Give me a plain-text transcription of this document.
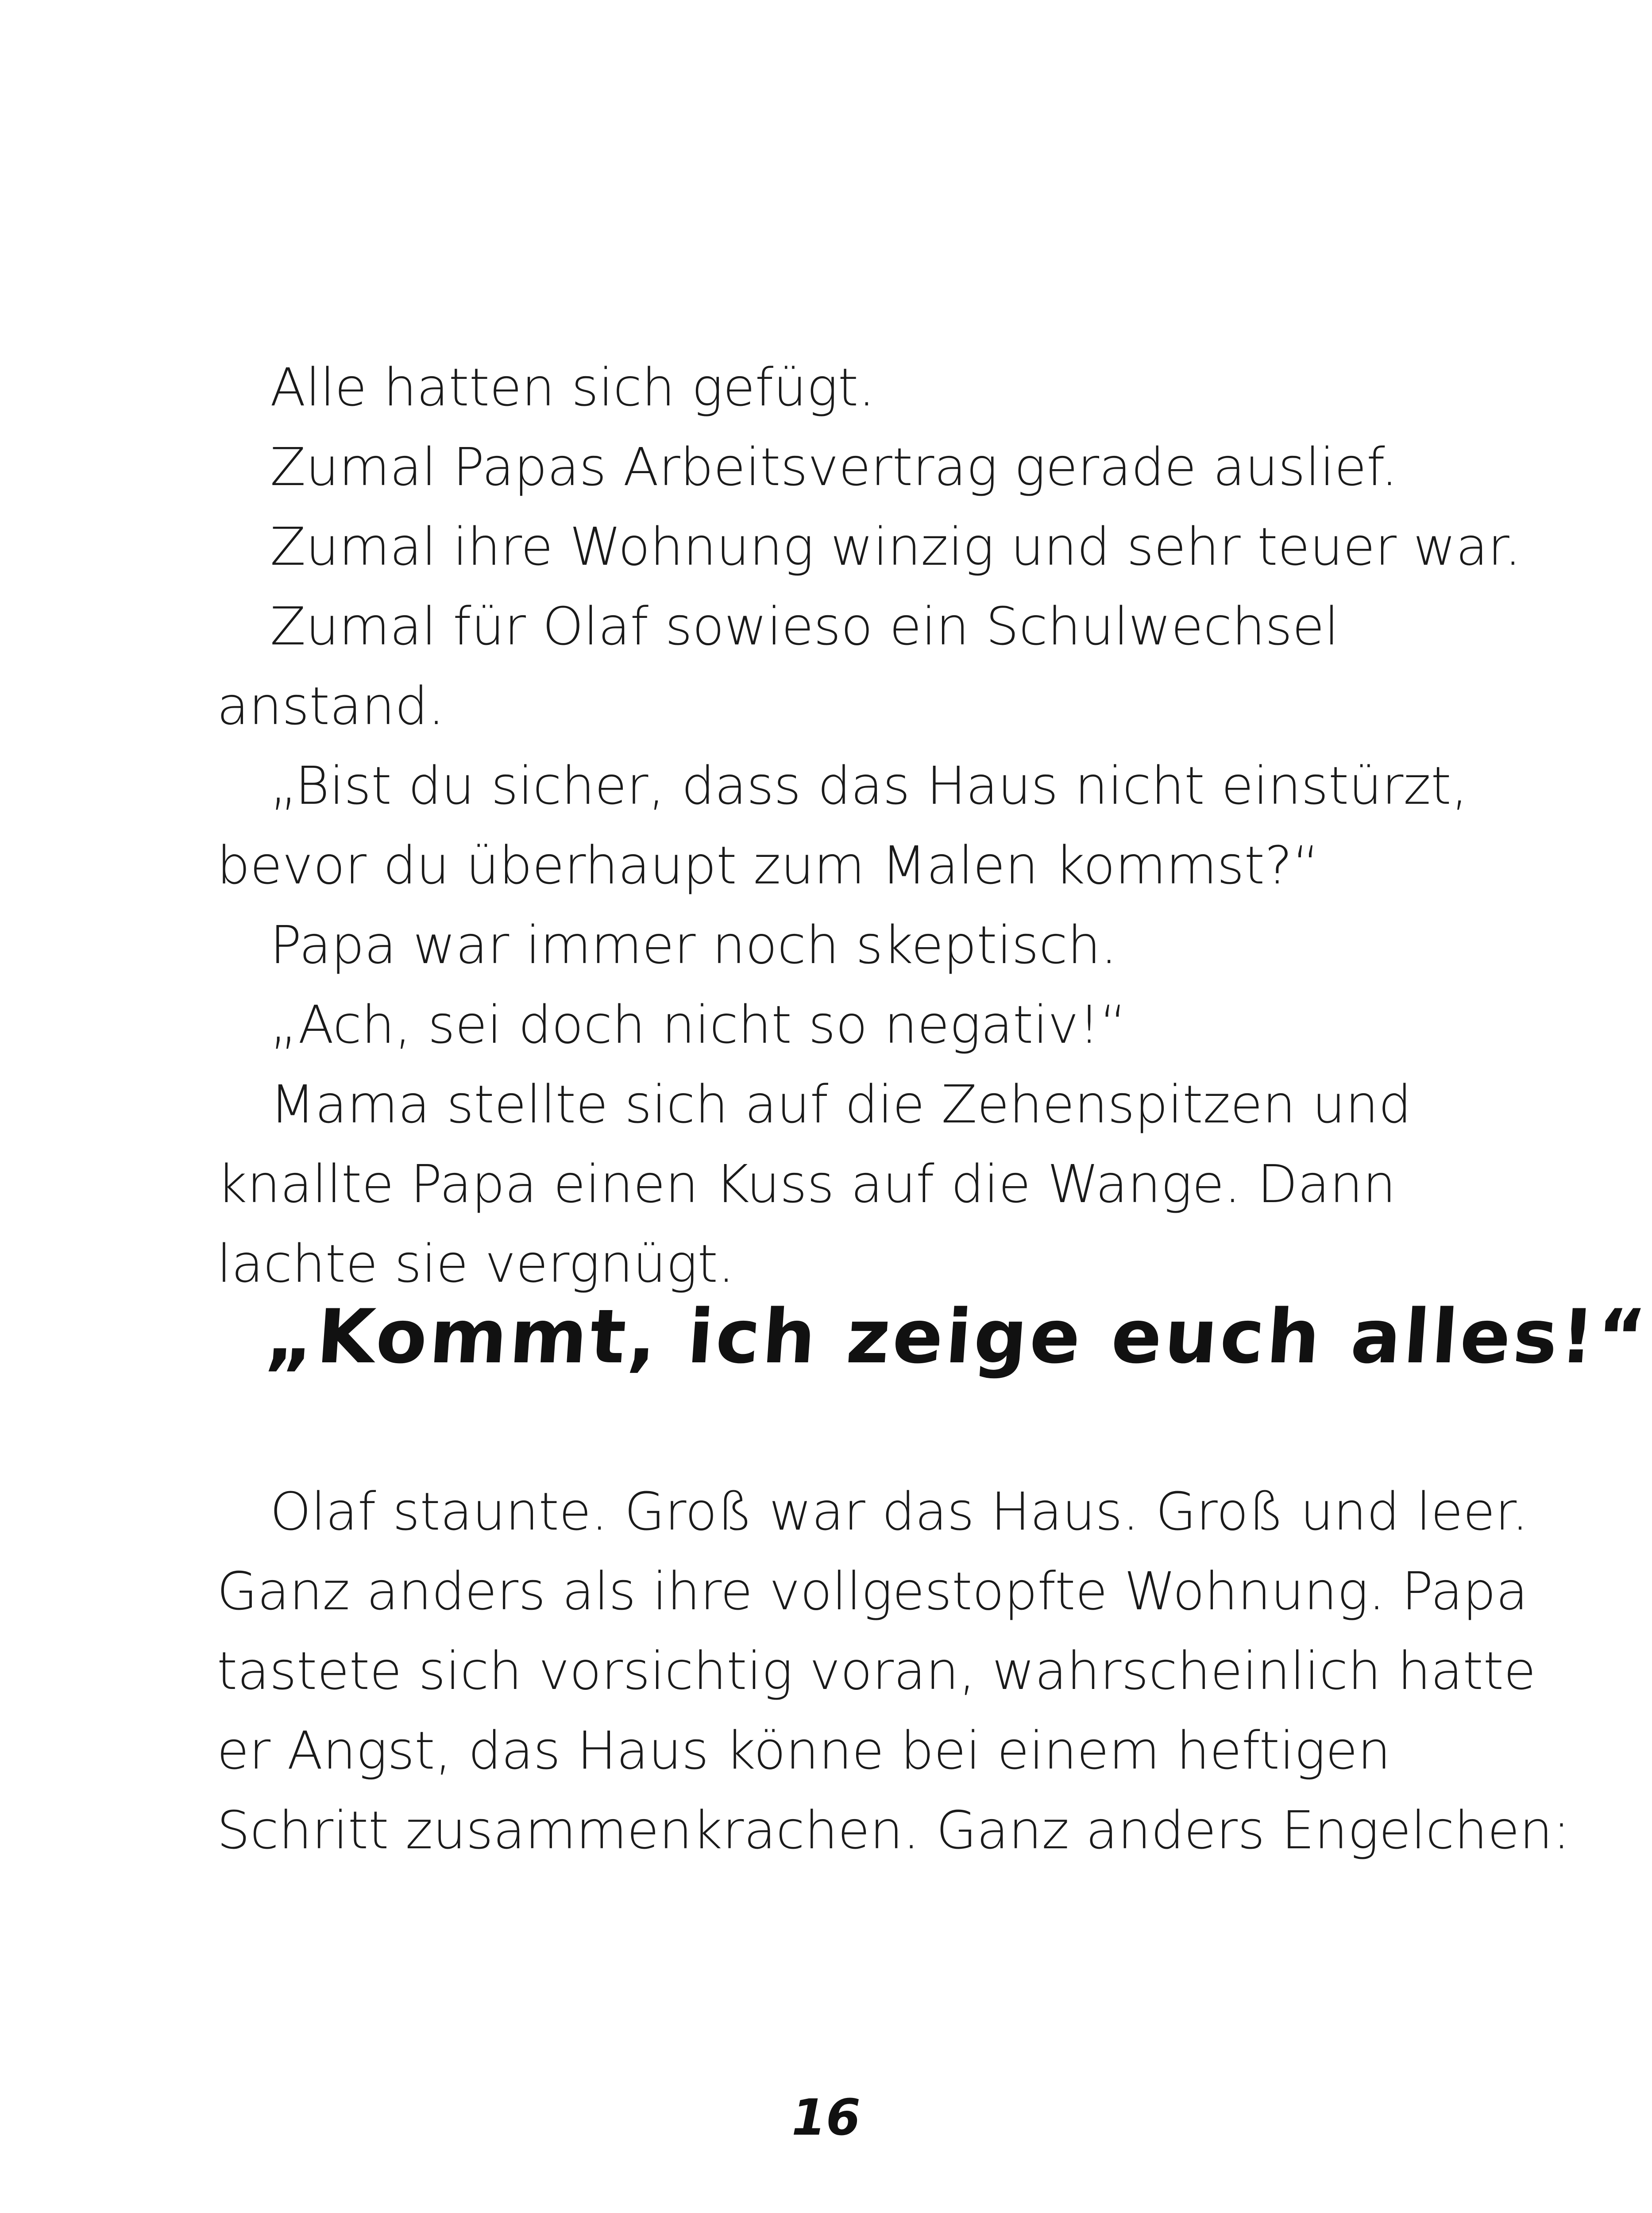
Alle hatten sich gefügt.
Zumal Papas Arbeitsvertrag gerade auslief.
Zumal ihre Wohnung winzig und sehr teuer war.
Zumal für Olaf sowieso ein Schulwechsel
anstand.
„Bist du sicher, dass das Haus nicht einstürzt,
bevor du überhaupt zum Malen kommst?“
Papa war immer noch skeptisch.
„Ach, sei doch nicht so negativ!“
Mama stellte sich auf die Zehenspitzen und
knallte Papa einen Kuss auf die Wange. Dann
lachte sie vergnügt.
„Kommt, ich zeige euch alles!“
Olaf staunte. Groß war das Haus. Groß und leer.
Ganz anders als ihre vollgestopfte Wohnung. Papa
tastete sich vorsichtig voran, wahrscheinlich hatte
er Angst, das Haus könne bei einem heftigen
Schritt zusammenkrachen. Ganz anders Engelchen:
16
